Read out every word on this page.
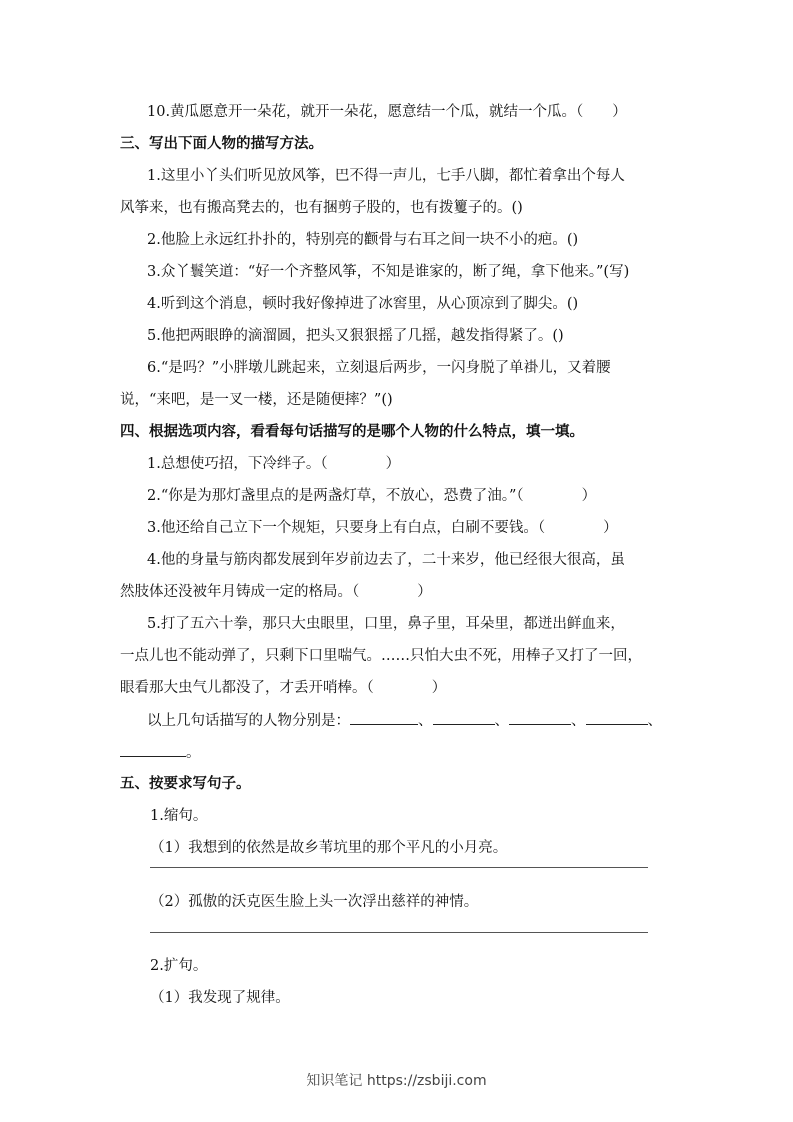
10.黄瓜愿意开一朵花，就开一朵花，愿意结一个瓜，就结一个瓜。（　　）
三、写出下面人物的描写方法。
1.这里小丫头们听见放风筝，巴不得一声儿，七手八脚，都忙着拿出个每人
风筝来，也有搬高凳去的，也有捆剪子股的，也有拨籰子的。()
2.他脸上永远红扑扑的，特别亮的颧骨与右耳之间一块不小的疤。()
3.众丫鬟笑道：“好一个齐整风筝，不知是谁家的，断了绳，拿下他来。”(写)
4.听到这个消息，顿时我好像掉进了冰窖里，从心顶凉到了脚尖。()
5.他把两眼睁的滴溜圆，把头又狠狠摇了几摇，越发指得紧了。()
6.“是吗？”小胖墩儿跳起来，立刻退后两步，一闪身脱了单褂儿，又着腰
说，“来吧，是一叉一楼，还是随便摔？”()
四、根据选项内容，看看每句话描写的是哪个人物的什么特点，填一填。
1.总想使巧招，下冷绊子。（　　　　）
2.“你是为那灯盏里点的是两盏灯草，不放心，恐费了油。”（　　　　）
3.他还给自己立下一个规矩，只要身上有白点，白刷不要钱。（　　　　）
4.他的身量与筋肉都发展到年岁前边去了，二十来岁，他已经很大很高，虽
然肢体还没被年月铸成一定的格局。（　　　　）
5.打了五六十拳，那只大虫眼里，口里，鼻子里，耳朵里，都迸出鲜血来，
一点儿也不能动弹了，只剩下口里喘气。……只怕大虫不死，用棒子又打了一回，
眼看那大虫气儿都没了，才丢开哨棒。（　　　　）
以上几句话描写的人物分别是：	、	、	、	、
。
五、按要求写句子。
1.缩句。
（1）我想到的依然是故乡苇坑里的那个平凡的小月亮。
（2）孤傲的沃克医生脸上头一次浮出慈祥的神情。
2.扩句。
（1）我发现了规律。
知识笔记 https://zsbiji.com
